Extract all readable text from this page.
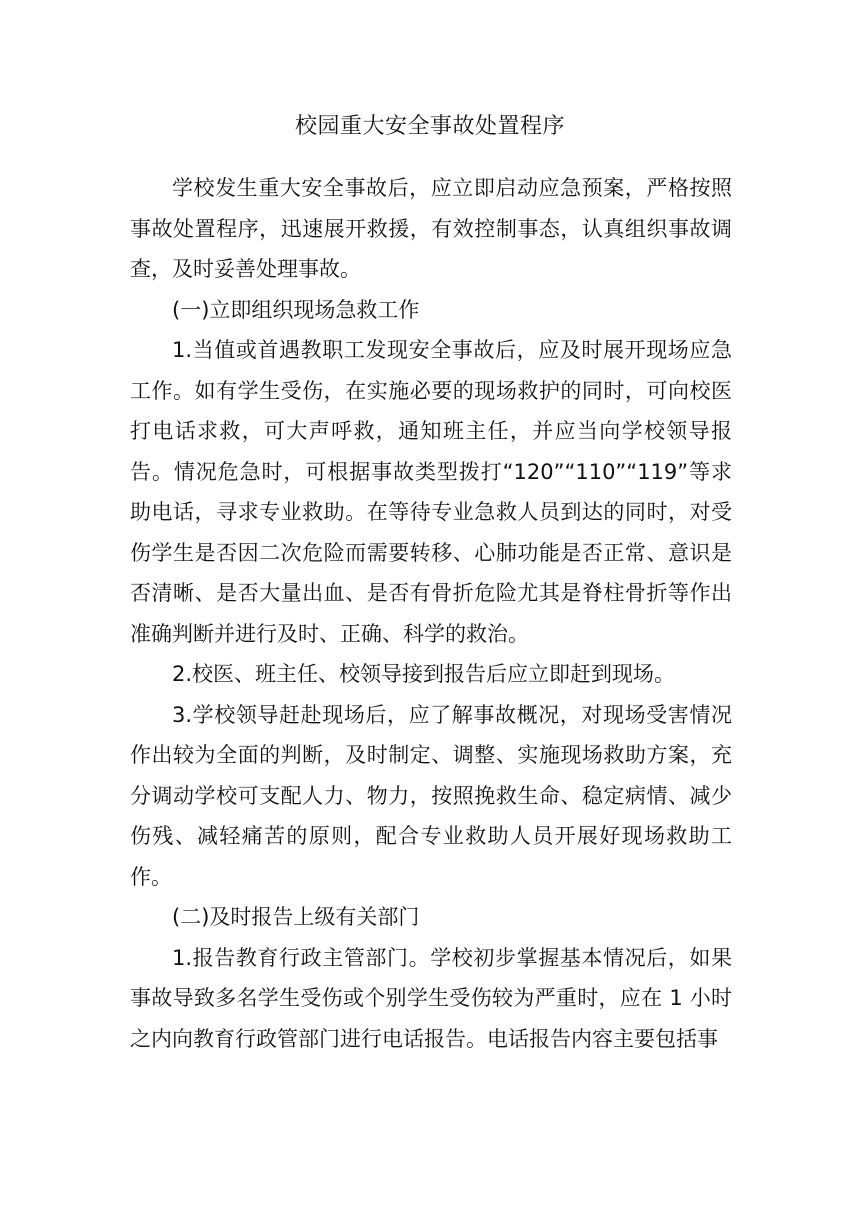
校园重大安全事故处置程序

学校发生重大安全事故后，应立即启动应急预案，严格按照事故处置程序，迅速展开救援，有效控制事态，认真组织事故调查，及时妥善处理事故。

(一)立即组织现场急救工作

1.当值或首遇教职工发现安全事故后，应及时展开现场应急工作。如有学生受伤，在实施必要的现场救护的同时，可向校医打电话求救，可大声呼救，通知班主任，并应当向学校领导报告。情况危急时，可根据事故类型拨打“120”“110”“119”等求助电话，寻求专业救助。在等待专业急救人员到达的同时，对受伤学生是否因二次危险而需要转移、心肺功能是否正常、意识是否清晰、是否大量出血、是否有骨折危险尤其是脊柱骨折等作出准确判断并进行及时、正确、科学的救治。

2.校医、班主任、校领导接到报告后应立即赶到现场。

3.学校领导赶赴现场后，应了解事故概况，对现场受害情况作出较为全面的判断，及时制定、调整、实施现场救助方案，充分调动学校可支配人力、物力，按照挽救生命、稳定病情、减少伤残、减轻痛苦的原则，配合专业救助人员开展好现场救助工作。

(二)及时报告上级有关部门

1.报告教育行政主管部门。学校初步掌握基本情况后，如果事故导致多名学生受伤或个别学生受伤较为严重时，应在 1 小时之内向教育行政管部门进行电话报告。电话报告内容主要包括事
